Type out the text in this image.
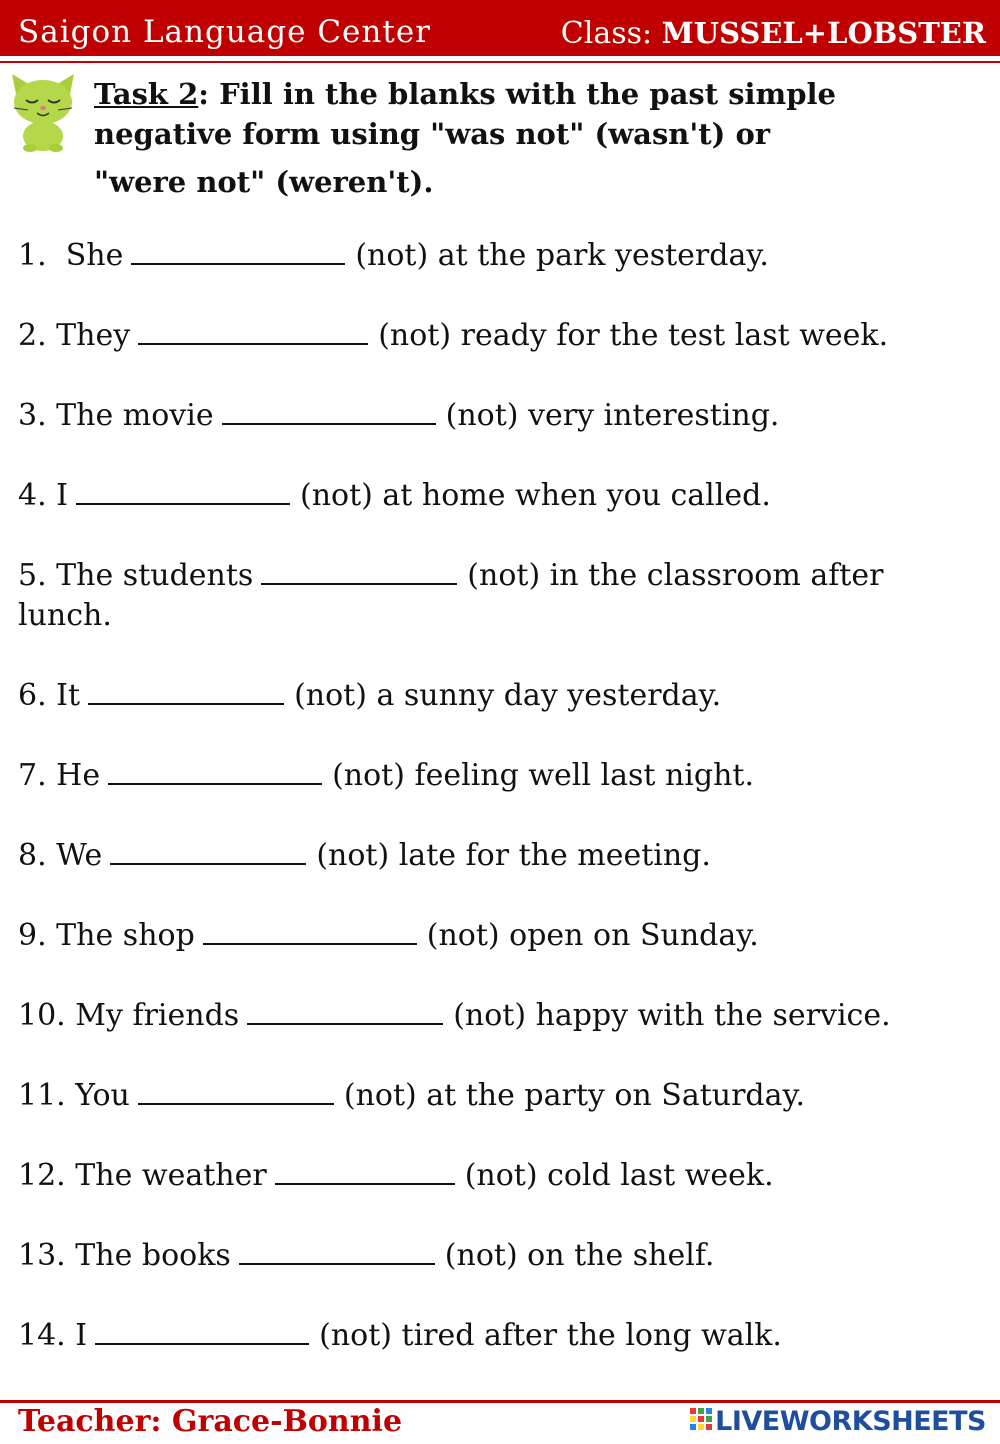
Saigon Language Center	Class: MUSSEL+LOBSTER
Task 2: Fill in the blanks with the past simple
negative form using "was not" (wasn't) or
"were not" (weren't).
1. She	(not) at the park yesterday.
2. They	(not) ready for the test last week.
3. The movie	(not) very interesting.
4. I	(not) at home when you called.
5. The students	(not) in the classroom after lunch.
6. It	(not) a sunny day yesterday.
7. He	(not) feeling well last night.
8. We	(not) late for the meeting.
9. The shop	(not) open on Sunday.
10. My friends	(not) happy with the service.
11. You	(not) at the party on Saturday.
12. The weather	(not) cold last week.
13. The books	(not) on the shelf.
14. I	(not) tired after the long walk.
Teacher: Grace-Bonnie	LIVEWORKSHEETS
